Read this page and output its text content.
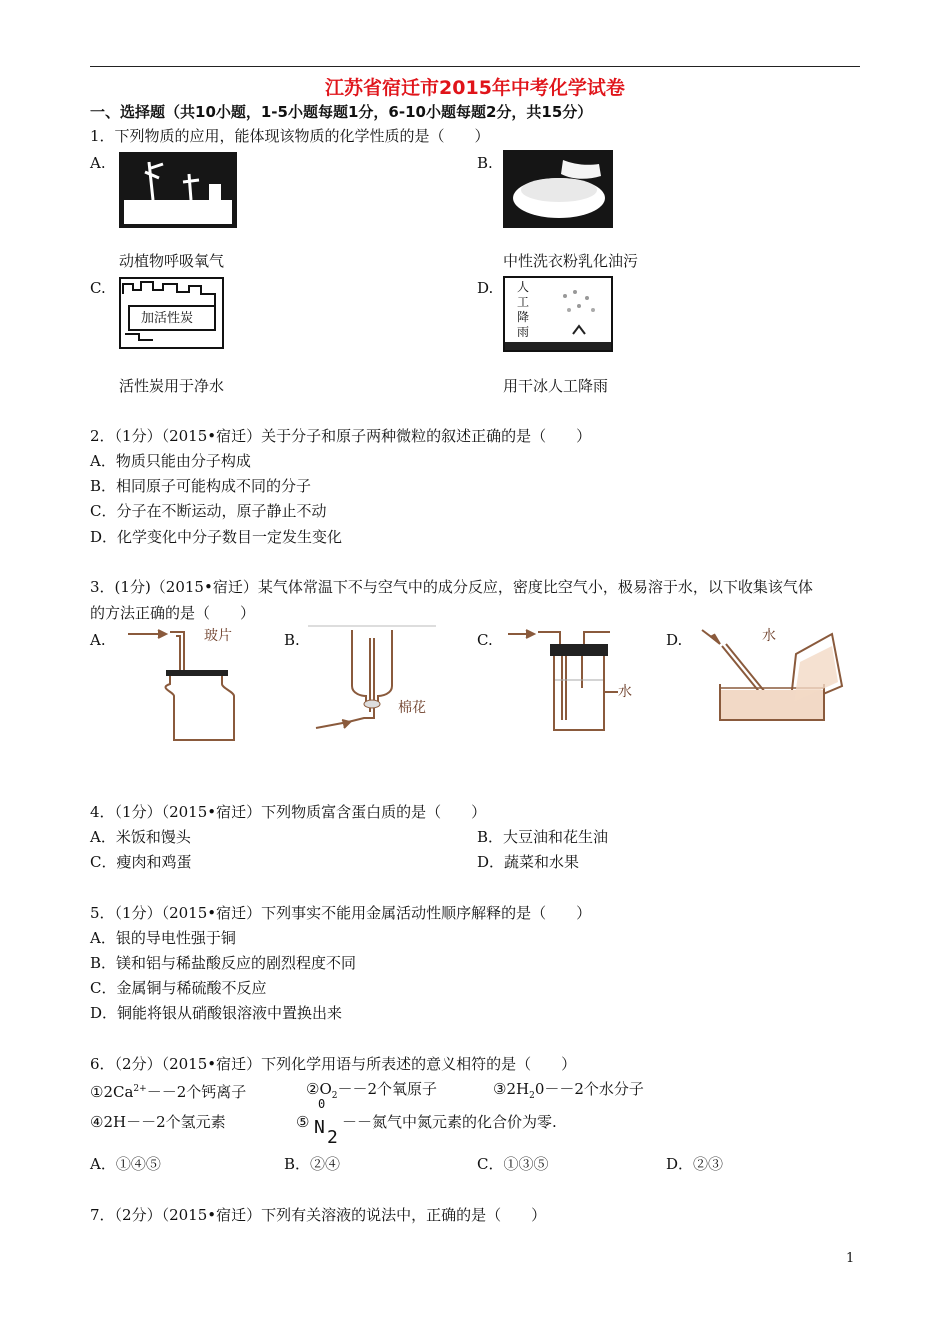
江苏省宿迁市2015年中考化学试卷
一、选择题（共10小题，1-5小题每题1分，6-10小题每题2分，共15分）
1．下列物质的应用，能体现该物质的化学性质的是（　　）
A.	B.
动植物呼吸氧气	中性洗衣粉乳化油污
C.
加活性炭
D. 人
工
降
雨
活性炭用于净水	用干冰人工降雨
2．（1分）（2015•宿迁）关于分子和原子两种微粒的叙述正确的是（　　）
A．物质只能由分子构成
B．相同原子可能构成不同的分子
C．分子在不断运动，原子静止不动
D．化学变化中分子数目一定发生变化
3．(1分)（2015•宿迁）某气体常温下不与空气中的成分反应，密度比空气小，极易溶于水，以下收集该气体
的方法正确的是（　　）
A.	玻片	B.
棉花
C.
水
D.	水
4．（1分）（2015•宿迁）下列物质富含蛋白质的是（　　）
A．米饭和馒头	B．大豆油和花生油
C．瘦肉和鸡蛋	D．蔬菜和水果
5．（1分）（2015•宿迁）下列事实不能用金属活动性顺序解释的是（　　）
A．银的导电性强于铜
B．镁和铝与稀盐酸反应的剧烈程度不同
C．金属铜与稀硫酸不反应
D．铜能将银从硝酸银溶液中置换出来
6．（2分）（2015•宿迁）下列化学用语与所表述的意义相符的是（　　）
$①2Ca^{2+}--2$个钙离子	$②O_2--2$个氧原子	$③2H_20--2$个水分子
④2H－－2个氢元素	⑤
0
N 2
－－氮气中氮元素的化合价为零.
A．①④⑤	B．②④	C．①③⑤	D．②③
7．（2分）（2015•宿迁）下列有关溶液的说法中，正确的是（　　）
1
